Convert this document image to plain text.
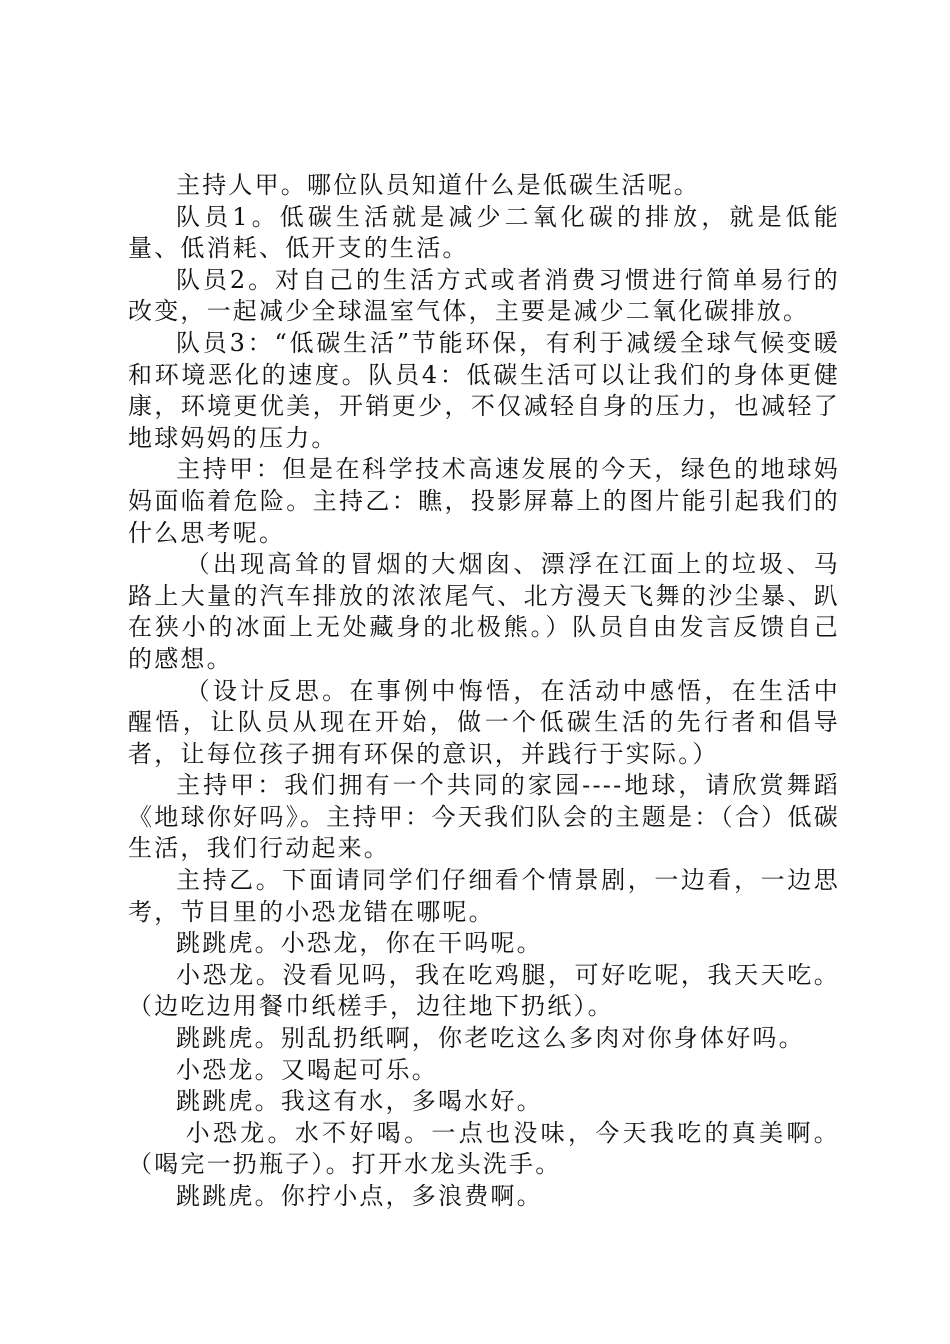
主持人甲。哪位队员知道什么是低碳生活呢。

队员1。低碳生活就是减少二氧化碳的排放，就是低能量、低消耗、低开支的生活。

队员2。对自己的生活方式或者消费习惯进行简单易行的改变，一起减少全球温室气体，主要是减少二氧化碳排放。

队员3：“低碳生活”节能环保，有利于减缓全球气候变暖和环境恶化的速度。队员4：低碳生活可以让我们的身体更健康，环境更优美，开销更少，不仅减轻自身的压力，也减轻了地球妈妈的压力。

主持甲：但是在科学技术高速发展的今天，绿色的地球妈妈面临着危险。主持乙：瞧，投影屏幕上的图片能引起我们的什么思考呢。

（出现高耸的冒烟的大烟囱、漂浮在江面上的垃圾、马路上大量的汽车排放的浓浓尾气、北方漫天飞舞的沙尘暴、趴在狭小的冰面上无处藏身的北极熊。）队员自由发言反馈自己的感想。

（设计反思。在事例中悔悟，在活动中感悟，在生活中醒悟，让队员从现在开始，做一个低碳生活的先行者和倡导者，让每位孩子拥有环保的意识，并践行于实际。）

主持甲：我们拥有一个共同的家园----地球，请欣赏舞蹈《地球你好吗》。主持甲：今天我们队会的主题是：（合）低碳生活，我们行动起来。

主持乙。下面请同学们仔细看个情景剧，一边看，一边思考，节目里的小恐龙错在哪呢。

跳跳虎。小恐龙，你在干吗呢。

小恐龙。没看见吗，我在吃鸡腿，可好吃呢，我天天吃。（边吃边用餐巾纸槎手，边往地下扔纸）。

跳跳虎。别乱扔纸啊，你老吃这么多肉对你身体好吗。

小恐龙。又喝起可乐。

跳跳虎。我这有水，多喝水好。

小恐龙。水不好喝。一点也没味，今天我吃的真美啊。（喝完一扔瓶子）。打开水龙头洗手。

跳跳虎。你拧小点，多浪费啊。
